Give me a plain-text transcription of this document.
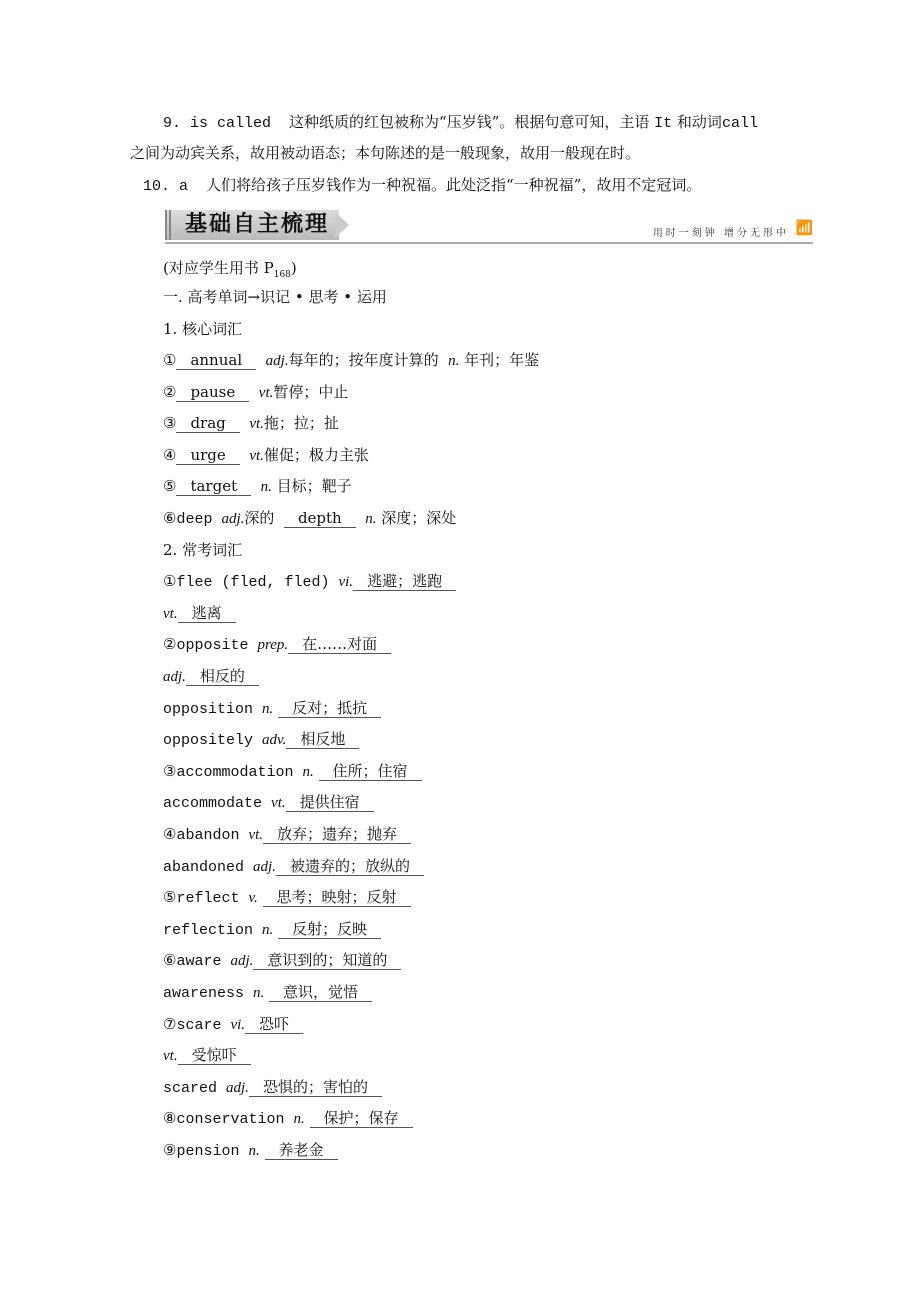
9. is called  这种纸质的红包被称为“压岁钱”。根据句意可知，主语 It 和动词call
之间为动宾关系，故用被动语态；本句陈述的是一般现象，故用一般现在时。
10. a  人们将给孩子压岁钱作为一种祝福。此处泛指“一种祝福”，故用不定冠词。
基础自主梳理	用时一刻钟 增分无形中 📶
(对应学生用书 $P_{168}$)
一. 高考单词→识记 • 思考 • 运用
1. 核心词汇
① annual adj.每年的；按年度计算的  n. 年刊；年鉴
② pause vt.暂停；中止
③ drag vt.拖；拉；扯
④ urge vt.催促；极力主张
⑤ target n. 目标；靶子
⑥deep adj.深的  depth n. 深度；深处
2. 常考词汇
①flee (fled, fled) vi. 逃避；逃跑
vt. 逃离
②opposite prep. 在……对面
adj. 相反的
opposition n. 反对；抵抗
oppositely adv. 相反地
③accommodation n. 住所；住宿
accommodate vt. 提供住宿
④abandon vt. 放弃；遗弃；抛弃
abandoned adj. 被遗弃的；放纵的
⑤reflect v. 思考；映射；反射
reflection n. 反射；反映
⑥aware adj. 意识到的；知道的
awareness n. 意识，觉悟
⑦scare vi. 恐吓
vt. 受惊吓
scared adj. 恐惧的；害怕的
⑧conservation n. 保护；保存
⑨pension n. 养老金
